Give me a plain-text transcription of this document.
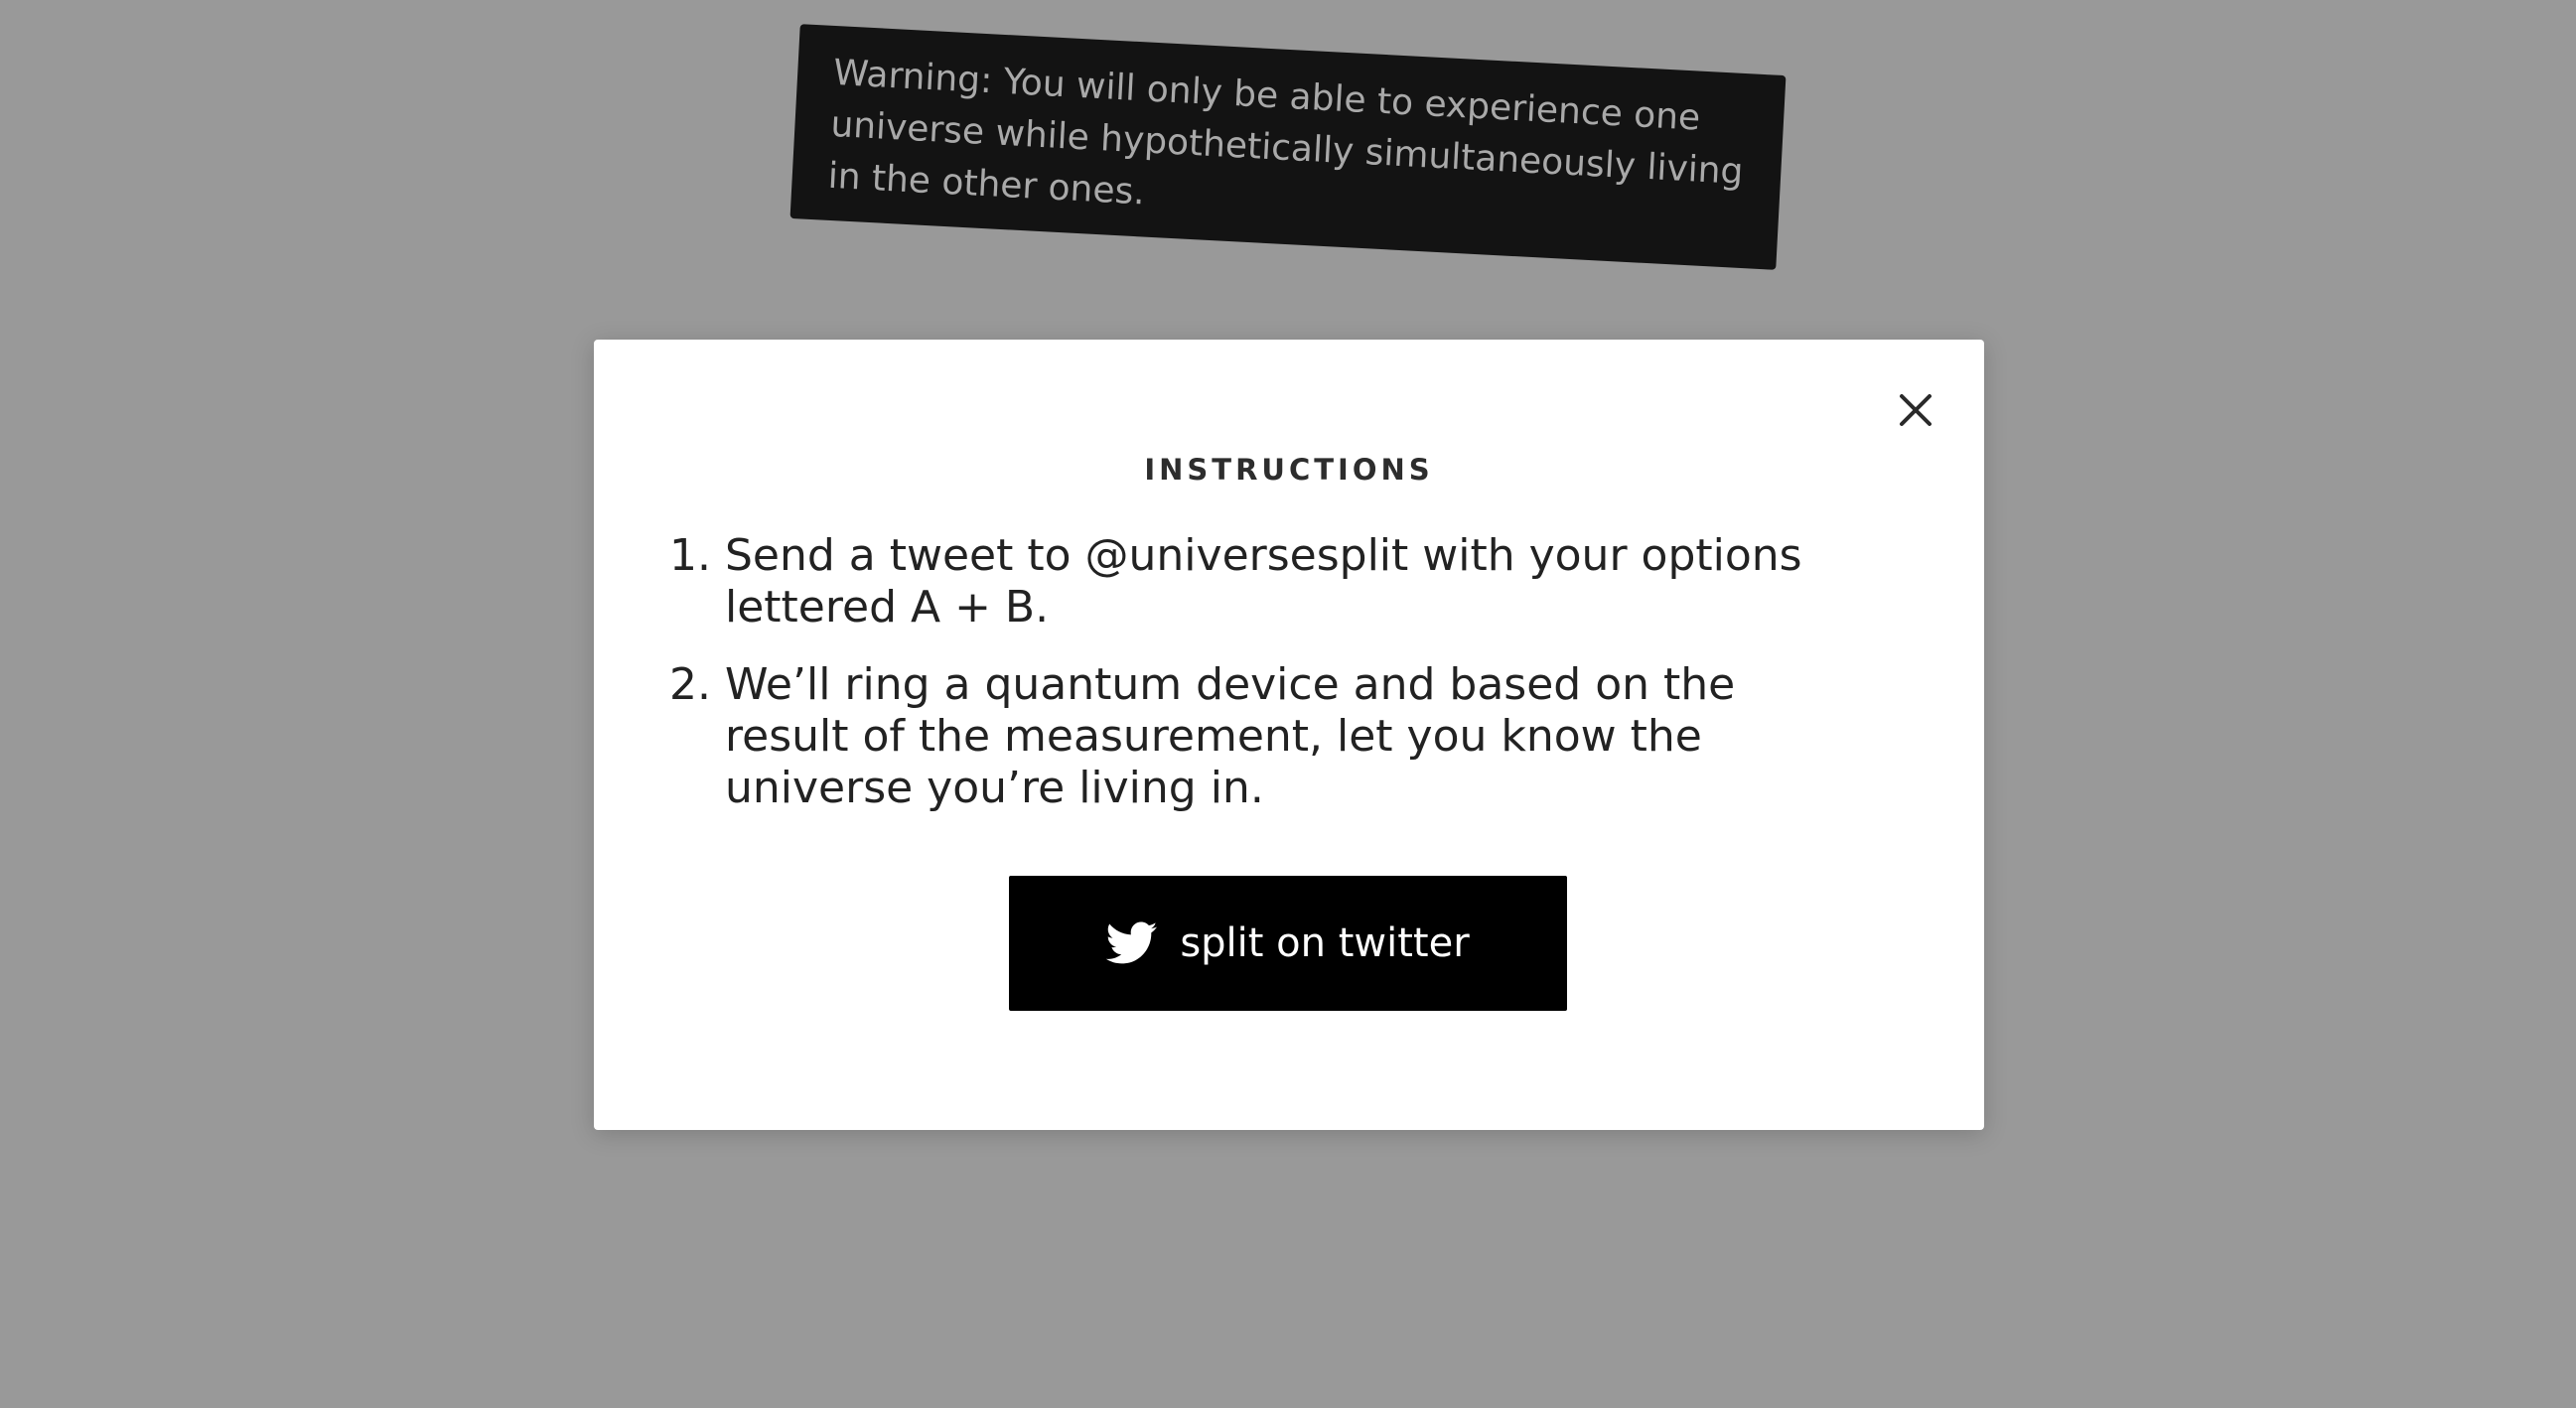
Warning: You will only be able to experience one universe while hypothetically simultaneously living in the other ones.

INSTRUCTIONS
1. Send a tweet to @universesplit with your options lettered A + B.
2. We’ll ring a quantum device and based on the result of the measurement, let you know the universe you’re living in.
split on twitter
